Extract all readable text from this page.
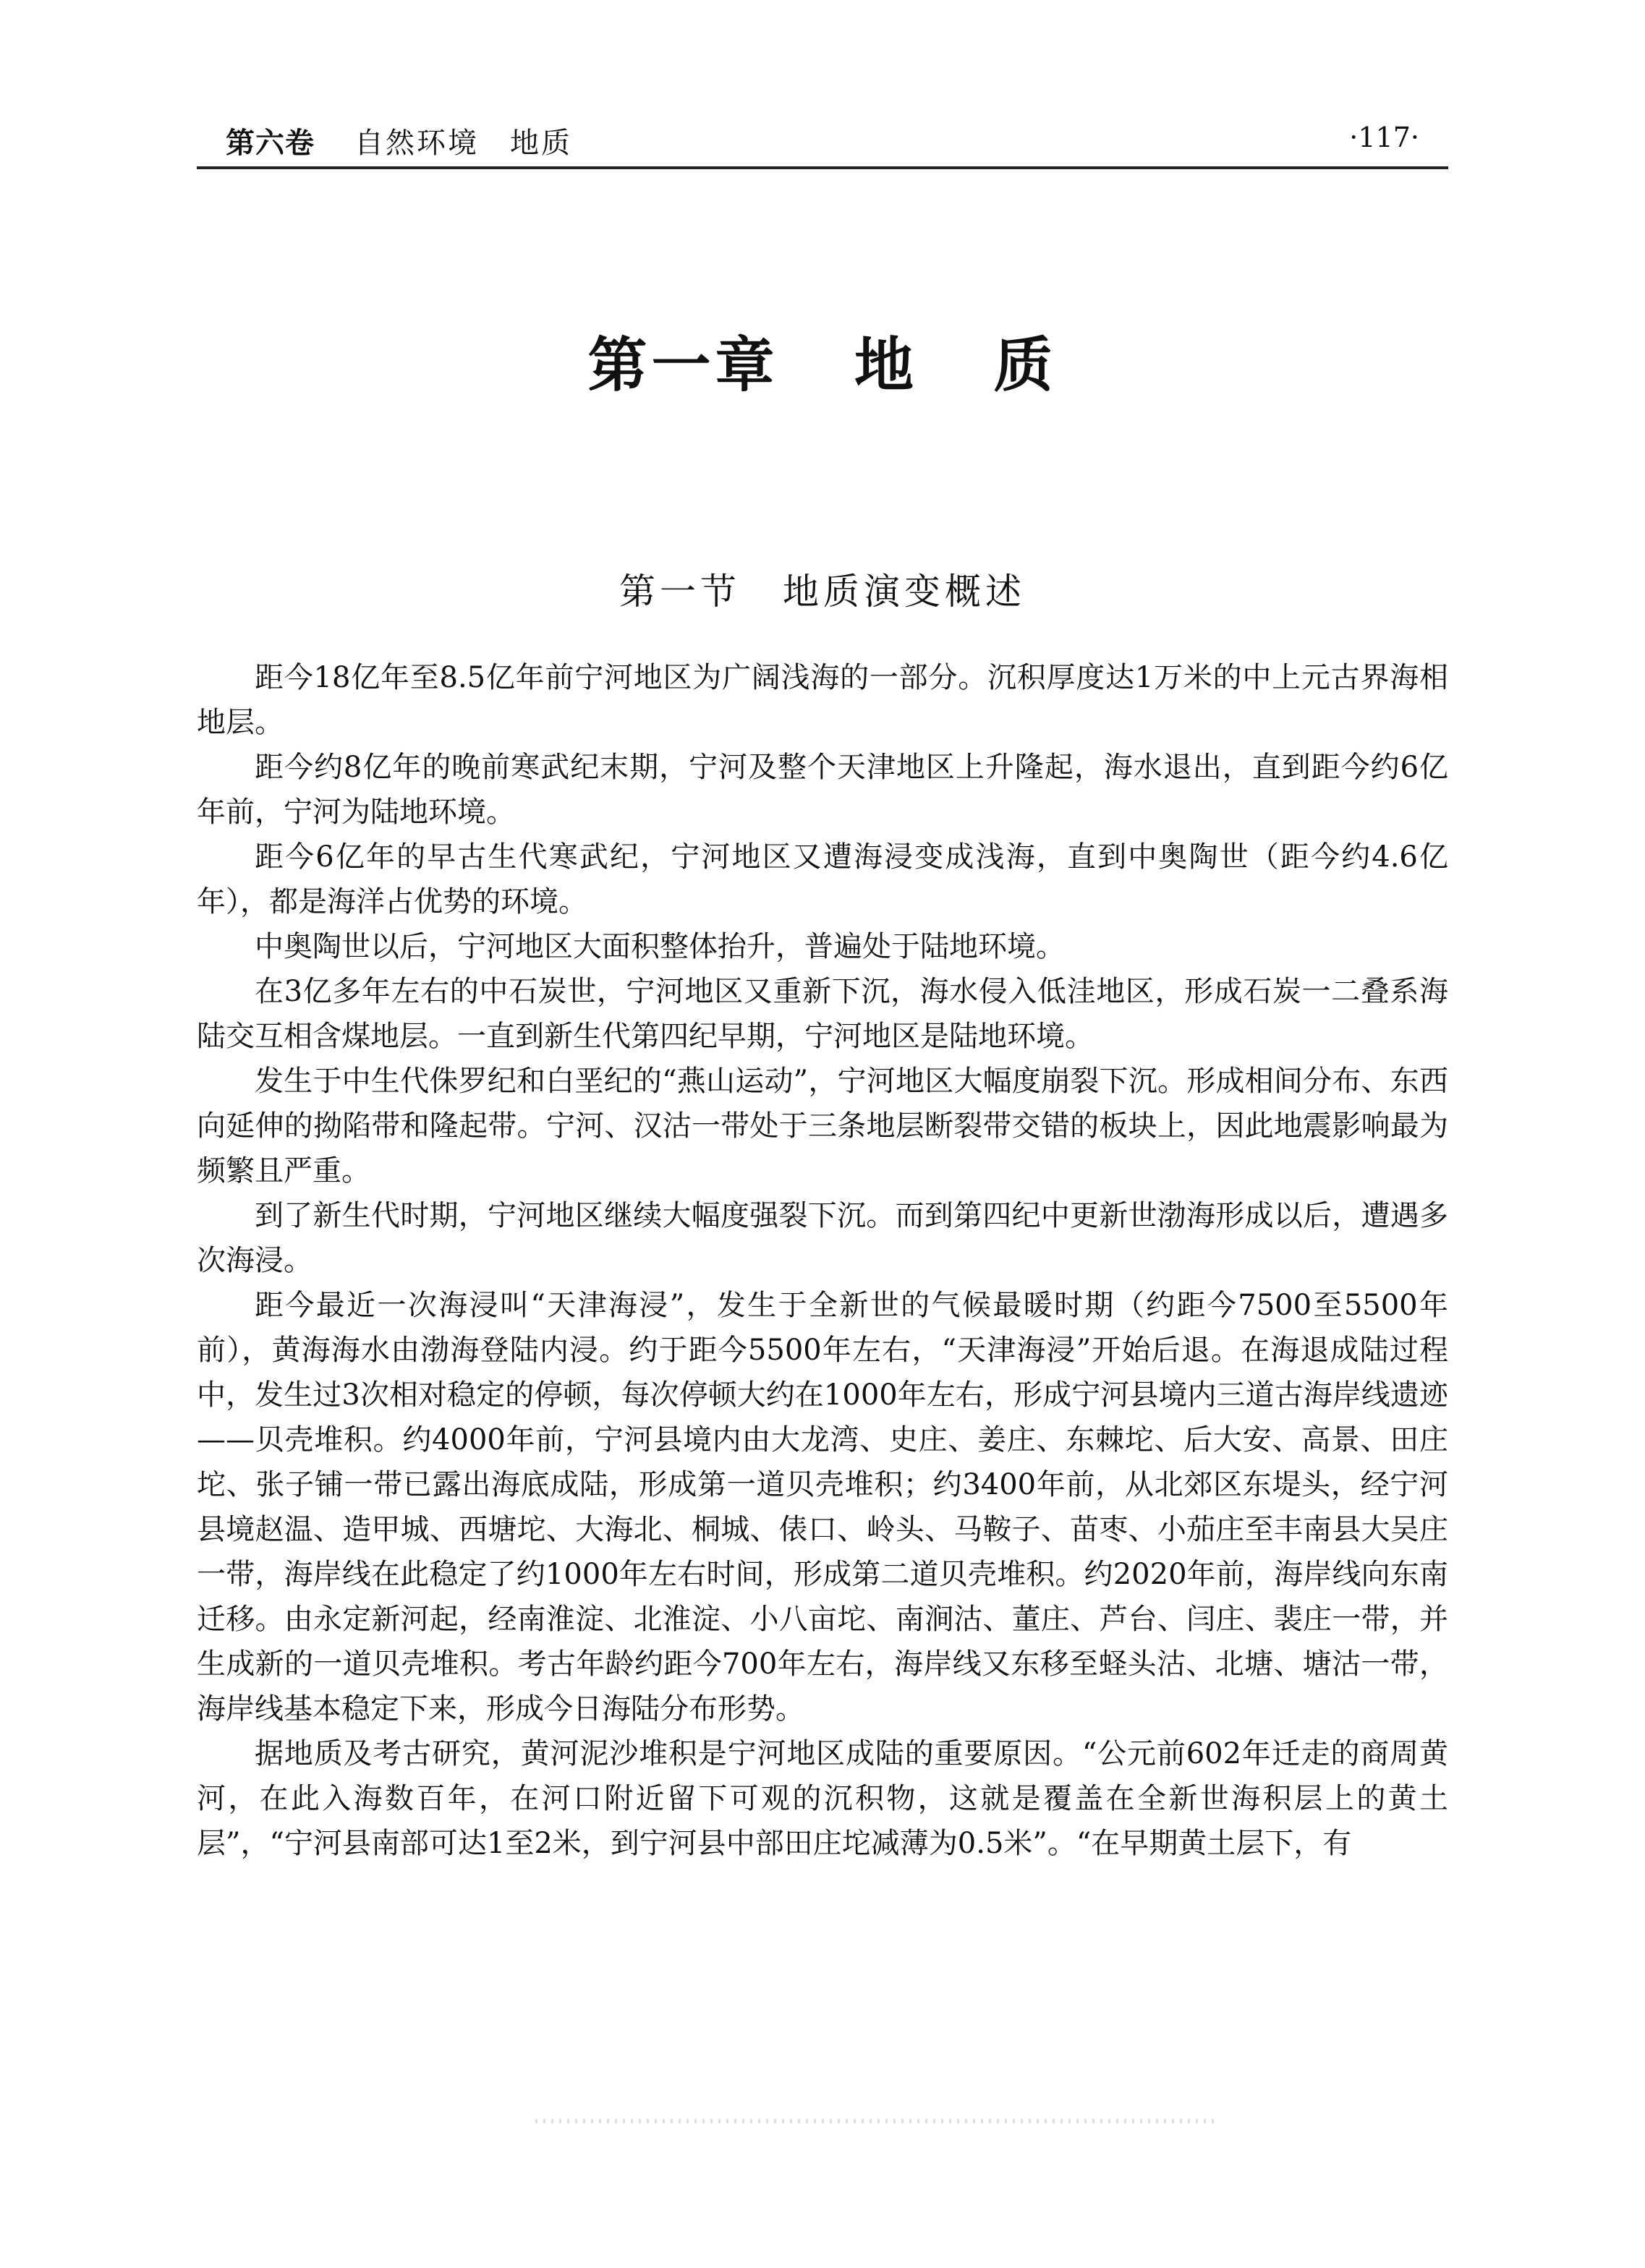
第六卷 自然环境　地质	·117·
第一章 地 质
第一节 地质演变概述

距今18亿年至8.5亿年前宁河地区为广阔浅海的一部分。沉积厚度达1万米的中上元古界海相地层。

距今约8亿年的晚前寒武纪末期，宁河及整个天津地区上升隆起，海水退出，直到距今约6亿年前，宁河为陆地环境。

距今6亿年的早古生代寒武纪，宁河地区又遭海浸变成浅海，直到中奥陶世（距今约4.6亿年），都是海洋占优势的环境。

中奥陶世以后，宁河地区大面积整体抬升，普遍处于陆地环境。

在3亿多年左右的中石炭世，宁河地区又重新下沉，海水侵入低洼地区，形成石炭一二叠系海陆交互相含煤地层。一直到新生代第四纪早期，宁河地区是陆地环境。

发生于中生代侏罗纪和白垩纪的“燕山运动”，宁河地区大幅度崩裂下沉。形成相间分布、东西向延伸的拗陷带和隆起带。宁河、汉沽一带处于三条地层断裂带交错的板块上，因此地震影响最为频繁且严重。

到了新生代时期，宁河地区继续大幅度强裂下沉。而到第四纪中更新世渤海形成以后，遭遇多次海浸。

距今最近一次海浸叫“天津海浸”，发生于全新世的气候最暖时期（约距今7500至5500年前），黄海海水由渤海登陆内浸。约于距今5500年左右，“天津海浸”开始后退。在海退成陆过程中，发生过3次相对稳定的停顿，每次停顿大约在1000年左右，形成宁河县境内三道古海岸线遗迹——贝壳堆积。约4000年前，宁河县境内由大龙湾、史庄、姜庄、东棘坨、后大安、高景、田庄坨、张子铺一带已露出海底成陆，形成第一道贝壳堆积；约3400年前，从北郊区东堤头，经宁河县境赵温、造甲城、西塘坨、大海北、桐城、俵口、岭头、马鞍子、苗枣、小茄庄至丰南县大吴庄一带，海岸线在此稳定了约1000年左右时间，形成第二道贝壳堆积。约2020年前，海岸线向东南迁移。由永定新河起，经南淮淀、北淮淀、小八亩坨、南涧沽、董庄、芦台、闫庄、裴庄一带，并生成新的一道贝壳堆积。考古年龄约距今700年左右，海岸线又东移至蛏头沽、北塘、塘沽一带，海岸线基本稳定下来，形成今日海陆分布形势。

据地质及考古研究，黄河泥沙堆积是宁河地区成陆的重要原因。“公元前602年迁走的商周黄河，在此入海数百年，在河口附近留下可观的沉积物，这就是覆盖在全新世海积层上的黄土层”，“宁河县南部可达1至2米，到宁河县中部田庄坨减薄为0.5米”。“在早期黄土层下，有
